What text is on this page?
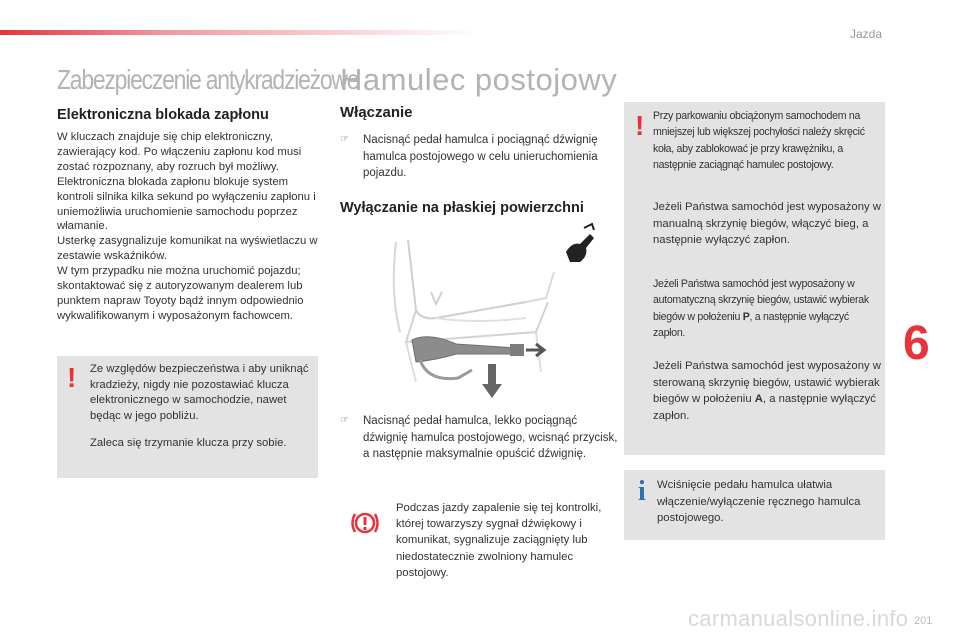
Jazda
Zabezpieczenie antykradzieżowe
Elektroniczna blokada zapłonu
W kluczach znajduje się chip elektroniczny, zawierający kod. Po włączeniu zapłonu kod musi zostać rozpoznany, aby rozruch był możliwy.
Elektroniczna blokada zapłonu blokuje system kontroli silnika kilka sekund po wyłączeniu zapłonu i uniemożliwia uruchomienie samochodu poprzez włamanie.
Usterkę zasygnalizuje komunikat na wyświetlaczu w zestawie wskaźników.
W tym przypadku nie można uruchomić pojazdu; skontaktować się z autoryzowanym dealerem lub punktem napraw Toyoty bądź innym odpowiednio wykwalifikowanym i wyposażonym fachowcem.
! Ze względów bezpieczeństwa i aby uniknąć kradzieży, nigdy nie pozostawiać klucza elektronicznego w samochodzie, nawet będąc w jego pobliżu.

Zaleca się trzymanie klucza przy sobie.

Hamulec postojowy
Włączanie
☞ Nacisnąć pedał hamulca i pociągnąć dźwignię hamulca postojowego w celu unieruchomienia pojazdu.
Wyłączanie na płaskiej powierzchni
☞ Nacisnąć pedał hamulca, lekko pociągnąć dźwignię hamulca postojowego, wcisnąć przycisk, a następnie maksymalnie opuścić dźwignię.
Podczas jazdy zapalenie się tej kontrolki, której towarzyszy sygnał dźwiękowy i komunikat, sygnalizuje zaciągnięty lub niedostatecznie zwolniony hamulec postojowy.
! Przy parkowaniu obciążonym samochodem na mniejszej lub większej pochyłości należy skręcić koła, aby zablokować je przy krawężniku, a następnie zaciągnąć hamulec postojowy.
Jeżeli Państwa samochód jest wyposażony w manualną skrzynię biegów, włączyć bieg, a następnie wyłączyć zapłon.
Jeżeli Państwa samochód jest wyposażony w automatyczną skrzynię biegów, ustawić wybierak biegów w położeniu P, a następnie wyłączyć zapłon.
Jeżeli Państwa samochód jest wyposażony w sterowaną skrzynię biegów, ustawić wybierak biegów w położeniu A, a następnie wyłączyć zapłon.
i Wciśnięcie pedału hamulca ułatwia włączenie/wyłączenie ręcznego hamulca postojowego.
6
carmanualsonline.info 201
